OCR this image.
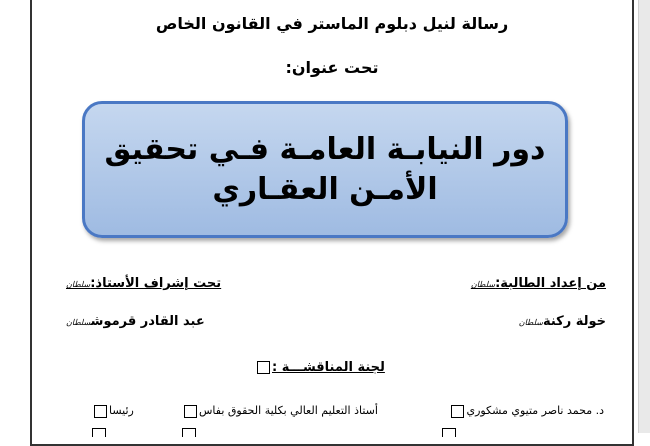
رسالة لنيل دبلوم الماستر في القانون الخاص
تحت عنوان:
دور النيابـة العامـة فـي تحقيق
الأمـن العقـاري
من إعداد الطالبة:سلطان
خولة ركنةسلطان
تحت إشراف الأستاذ:سلطان
عبد القادر قرموشسلطان
لجنة المناقشـــة :
د. محمد ناصر متيوي مشكوري
أستاذ التعليم العالي بكلية الحقوق بفاس
رئيسا
